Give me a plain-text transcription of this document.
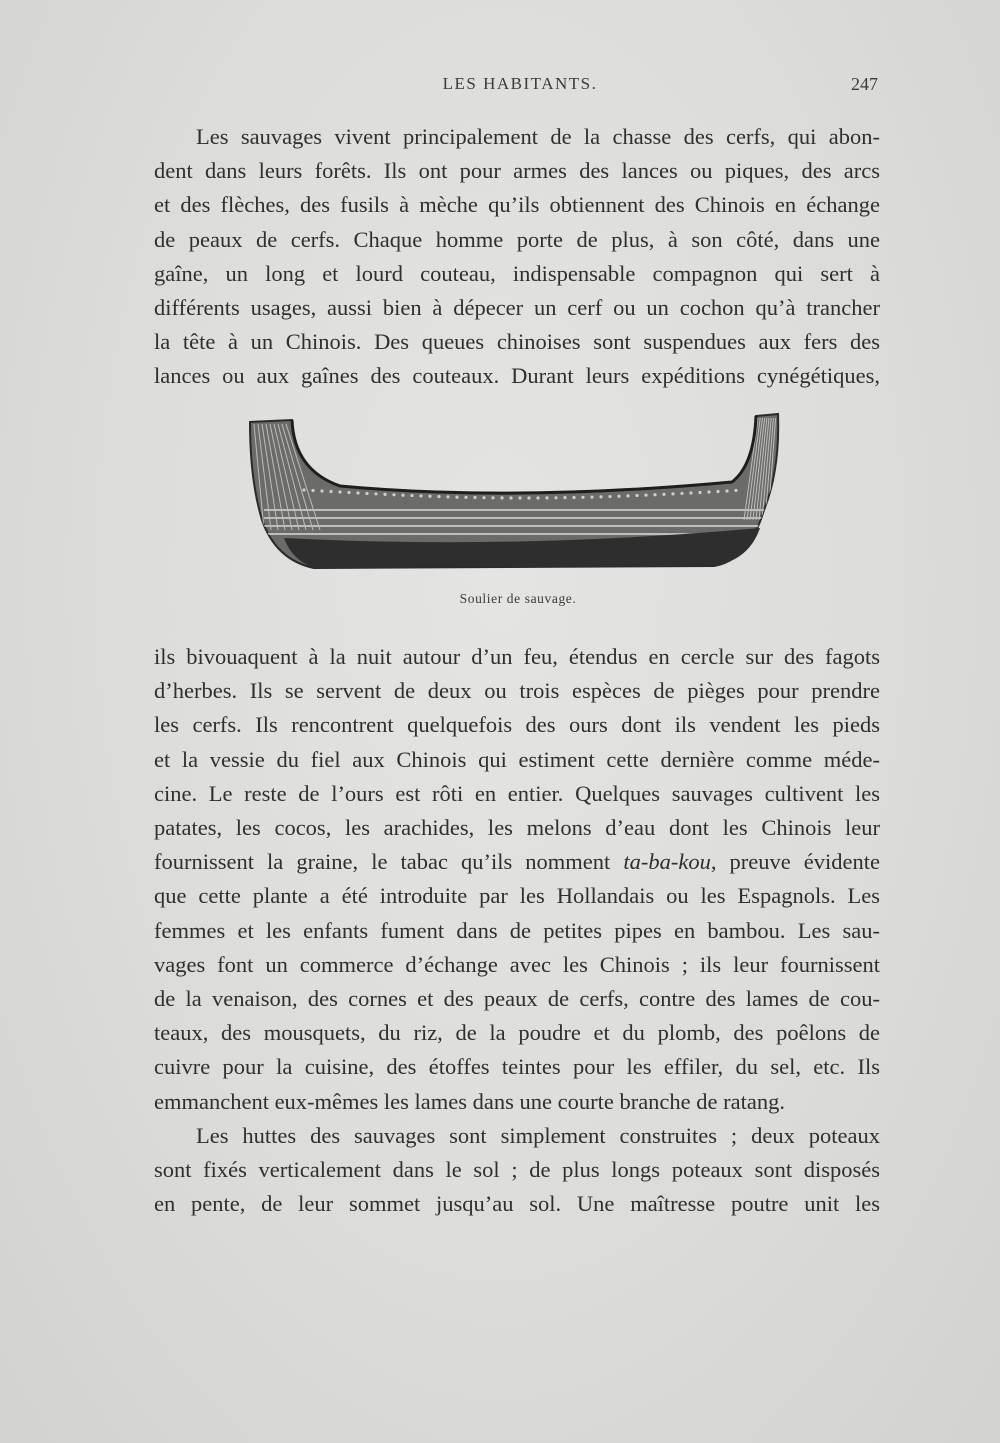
LES HABITANTS.	247
Les sauvages vivent principalement de la chasse des cerfs, qui abon-
dent dans leurs forêts. Ils ont pour armes des lances ou piques, des arcs
et des flèches, des fusils à mèche qu’ils obtiennent des Chinois en échange
de peaux de cerfs. Chaque homme porte de plus, à son côté, dans une
gaîne, un long et lourd couteau, indispensable compagnon qui sert à
différents usages, aussi bien à dépecer un cerf ou un cochon qu’à trancher
la tête à un Chinois. Des queues chinoises sont suspendues aux fers des
lances ou aux gaînes des couteaux. Durant leurs expéditions cynégétiques,
Soulier de sauvage.
ils bivouaquent à la nuit autour d’un feu, étendus en cercle sur des fagots
d’herbes. Ils se servent de deux ou trois espèces de pièges pour prendre
les cerfs. Ils rencontrent quelquefois des ours dont ils vendent les pieds
et la vessie du fiel aux Chinois qui estiment cette dernière comme méde-
cine. Le reste de l’ours est rôti en entier. Quelques sauvages cultivent les
patates, les cocos, les arachides, les melons d’eau dont les Chinois leur
fournissent la graine, le tabac qu’ils nomment ta-ba-kou, preuve évidente
que cette plante a été introduite par les Hollandais ou les Espagnols. Les
femmes et les enfants fument dans de petites pipes en bambou. Les sau-
vages font un commerce d’échange avec les Chinois ; ils leur fournissent
de la venaison, des cornes et des peaux de cerfs, contre des lames de cou-
teaux, des mousquets, du riz, de la poudre et du plomb, des poêlons de
cuivre pour la cuisine, des étoffes teintes pour les effiler, du sel, etc. Ils
emmanchent eux-mêmes les lames dans une courte branche de ratang.
Les huttes des sauvages sont simplement construites ; deux poteaux
sont fixés verticalement dans le sol ; de plus longs poteaux sont disposés
en pente, de leur sommet jusqu’au sol. Une maîtresse poutre unit les
